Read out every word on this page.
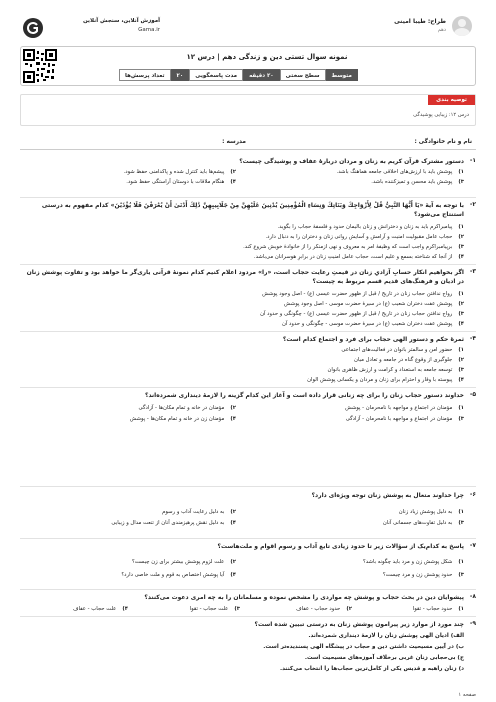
طراح: طیبا امینی
دهم
آموزش آنلاین، سنجش آنلاین
Gama.ir
نمونه سوال تستی دین و زندگی دهم | درس ۱۲
متوسط
سطح سختی
۲۰ دقیقه
مدت پاسخگویی
۲۰
تعداد پرسش‌ها
توصیه بندی
درس ۱۲: زیبایی پوشیدگی
نام و نام خانوادگی :
مدرسه :
۱-
دستور مشترک قرآن کریم به زنان و مردان دربارهٔ عفاف و پوشیدگی چیست؟
۱)پوشش باید با ارزش‌های اخلاقی جامعه هماهنگ باشد.
۲)پیشم‌ها باید کنترل شده و پاکدامنی حفظ شود.
۳)پوشش باید محسن و تمیزکننده باشد.
۴)هنگام ملاقات با دوستان آراستگی حفظ شود.
۲-
با توجه به آیهٔ «يَا أَيُّهَا النَّبِيُّ قُلْ لِأَزْوَاجِكَ وَبَنَاتِكَ وَنِسَاءِ الْمُؤْمِنِينَ يُدْنِينَ عَلَيْهِنَّ مِنْ جَلَابِيبِهِنَّ ذَٰلِكَ أَدْنَىٰ أَنْ يُعْرَفْنَ فَلَا يُؤْذَيْنَ» کدام مفهوم به درستی استنتاج می‌شود؟
۱)پیامبراکرم باید به زنان و دخترانش و زنان بالیمان حدود و فلسفهٔ حجاب را بگوید.
۲)حجاب عامل مقبولیت امنیت و آرامش و آسایش روانی زنان و دختران را به دنبال دارد.
۳)برپیامبراکرم واجب است که وظیفهٔ امر به معروف و نهی ازمنکر را از خانوادهٔ خویش شروع کند.
۴)از آنجا که شناخته بسمع و علیم است، حجاب عامل امنیتِ زنان در برابرِ هوسرانان می‌باشد.
۳-
اگر بخواهیم انکار حسابِ آزادیِ زنان در قیمتِ رعایت حجاب است، «را» مردود اعلام کنیم کدام نمونهٔ قرآنی یاری‌گر ما خواهد بود و تفاوت پوشش زنان در ادیان و فرهنگ‌های قدیم قسم مربوط به چیست؟
۱)رواج ندافتن حجاب زنان در تاریخ / قبل از ظهور حضرت عیسی (ع) - اصل وجود پوشش
۲)پوشش عفت دختران شعیب (ع) در سیرهٔ حضرت موسی - اصل وجود پوشش
۳)رواج ندافتن حجاب زنان در تاریخ / قبل از ظهور حضرت عیسی (ع) - چگونگی و حدود آن
۴)پوشش عفت دختران شعیب (ع) در سیرهٔ حضرت موسی - چگونگی و حدود آن
۴-
ثمرهٔ حکم و دستور الهی حجاب برای فرد و اجتماع کدام است؟
۱)حضور امن و سالمتر بانوان در فعالیت‌های اجتماعی
۲)جلوگیری از وقوع گناه در جامعه و تعادل میان
۳)توسعه جامعه به استعداد و کرامت و ارزش ظاهری بانوان
۴)پیوسته با وقار و احترام برای زنان و مردان و یکسانی پوشش الوان
۵-
خداوند دستور حجاب زنان را برای چه زنانی قرار داده است و آغاز این کدام گزینه را لازمهٔ دینداری شمرده‌اند؟
۱)مؤمنان در اجتماع و مواجهه با نامحرمان - پوشش
۲)مؤمنان در خانه و تمام مکان‌ها - آزادگی
۳)مؤمنان در اجتماع و مواجهه با نامحرمان - آزادگی
۴)مؤمنان زن در خانه و تمام مکان‌ها - پوشش
۶-
چرا خداوند متعال به پوشش زنان توجه ویژه‌ای دارد؟
۱)به دلیل پوشش زیاد زنان
۲)به دلیل رعایت آداب و رسوم
۳)به دلیل تفاوت‌های جسمانی آنان
۴)به دلیل نقش پرهیزمندی آنان از تنعت مدال و زیبایی
۷-
پاسخ به کدام‌یک از سؤالات زیر تا حدود زیادی تابع آداب و رسوم اقوام و ملت‌هاست؟
۱)شکل پوشش زن و مرد باید چگونه باشد؟
۲)علت لزوم پوشش بیشتر برای زن چیست؟
۳)حدود پوشش زن و مرد چیست؟
۴)آیا پوشش اختصاص به قوم و ملت خاصی دارد؟
۸-
پیشوایان دین در بحث حجاب و پوشش چه مواردی را مشخص نموده و مسلمانان را به چه امری دعوت می‌کنند؟
۱)حدود حجاب - تقوا
۲)حدود حجاب - عفاف
۳)علت حجاب - تقوا
۴)علت حجاب - عفاف
۹-
چند مورد از موارد زیر پیرامون پوشش زنان به درستی تبیین شده است؟
الف) ادیان الهی پوشش زنان را لازمهٔ دینداری شمرده‌اند.
ب) در آیین مسیحیت داشتن دین و حجاب در پیشگاه الهی پسندیده‌تر است.
ج) بی‌حجابی زنان غربی برخلاف آموزه‌های مسیحیت است.
د) زنان راهبه و قدیس یکی از کامل‌ترین حجاب‌ها را انتخاب می‌کنند.
صفحه ۱
